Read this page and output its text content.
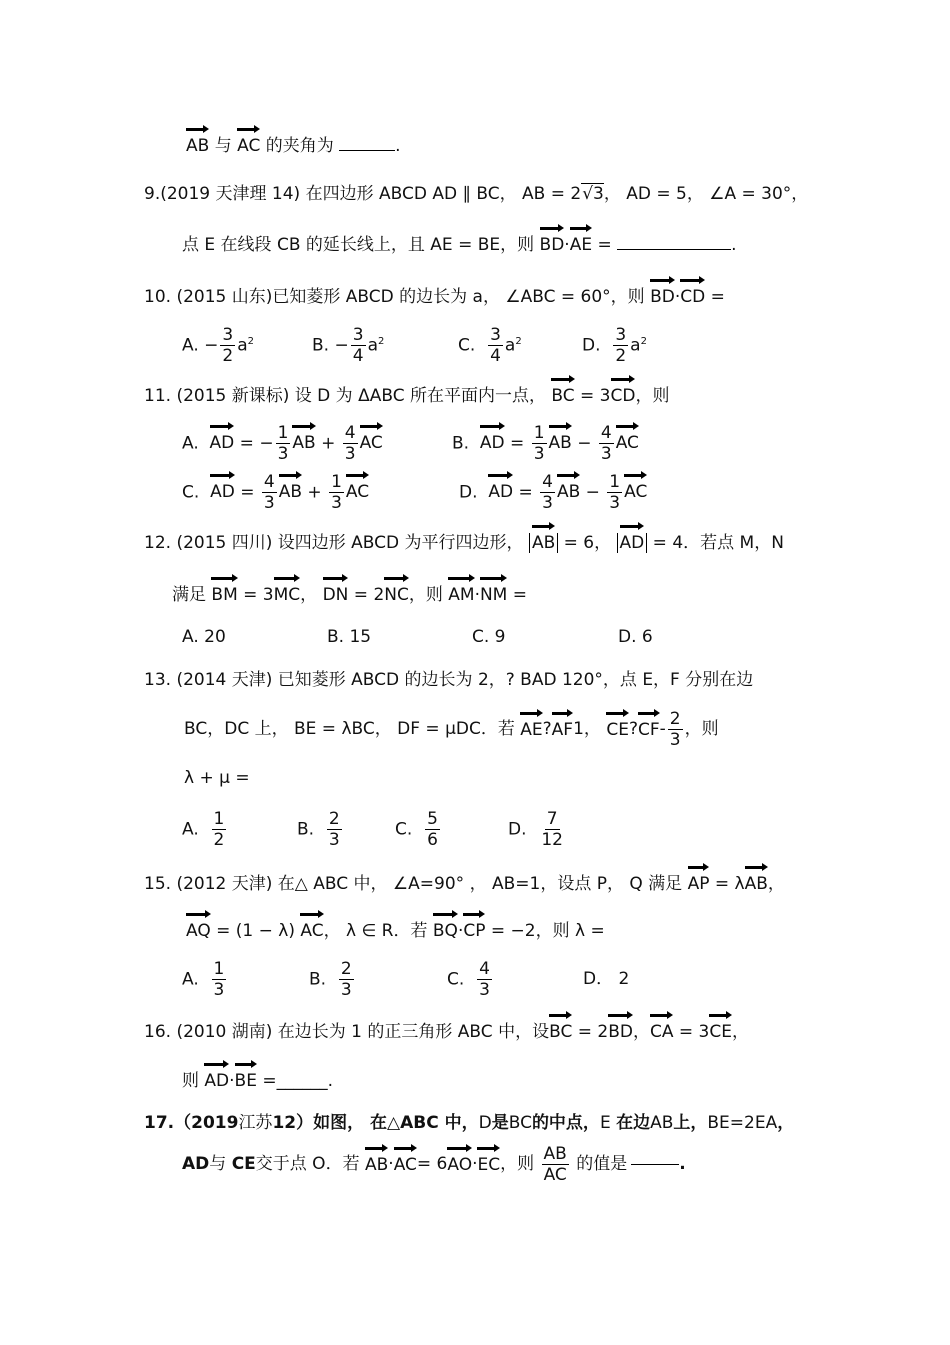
AB 与 AC 的夹角为	.
9.(2019 天津理 14) 在四边形 ABCD AD ∥ BC， AB = 2√3， AD = 5， ∠A = 30°，
点 E 在线段 CB 的延长线上，且 AE = BE，则 BD·AE =	.
10. (2015 山东)已知菱形 ABCD 的边长为 a， ∠ABC = 60°，则 BD·CD =
A. − $\frac{3}{2} a^2$	B. − $\frac{3}{4} a^2$	C. $\frac{3}{4} a^2$	D. $\frac{3}{2} a^2$
11. (2015 新课标) 设 D 为 ΔABC 所在平面内一点， BC = 3CD，则
A. AD = − $\frac{1}{3}$ AB + $\frac{4}{3}$ AC	B. AD = $\frac{1}{3}$ AB − $\frac{4}{3}$ AC
C. AD = $\frac{4}{3}$ AB + $\frac{1}{3}$ AC	D. AD = $\frac{4}{3}$ AB − $\frac{1}{3}$ AC
12. (2015 四川) 设四边形 ABCD 为平行四边形， AB = 6， AD = 4．若点 M，N
满足 BM = 3MC， DN = 2NC，则 AM·NM =
A. 20	B. 15	C. 9	D. 6
13. (2014 天津) 已知菱形 ABCD 的边长为 2，? BAD 120°，点 E，F 分别在边
BC，DC 上， BE = λBC， DF = μDC．若
AE ? AF 1，
CE ? CF -
2
3
，则
λ + μ =
A. $\frac{1}{2}$	B. $\frac{2}{3}$	C. $\frac{5}{6}$	D. $\frac{7}{12}$
15. (2012 天津) 在△ ABC 中， ∠A=90° ， AB=1，设点 P， Q 满足 AP = λAB，
AQ = (1 − λ) AC， λ ∈ R．若 BQ·CP = −2，则 λ =
A. $\frac{1}{3}$	B. $\frac{2}{3}$	C. $\frac{4}{3}$	D． 2
16. (2010 湖南) 在边长为 1 的正三角形 ABC 中，设BC = 2BD，CA = 3CE，
则 AD·BE =______.
17.（2019江苏12）如图， 在△ABC 中，D是BC的中点，E 在边AB上，BE=2EA，
AD 与
CE 交于点 O．若
AB · AC = 6 AO · EC ，则

AB
AC

的值是	.
